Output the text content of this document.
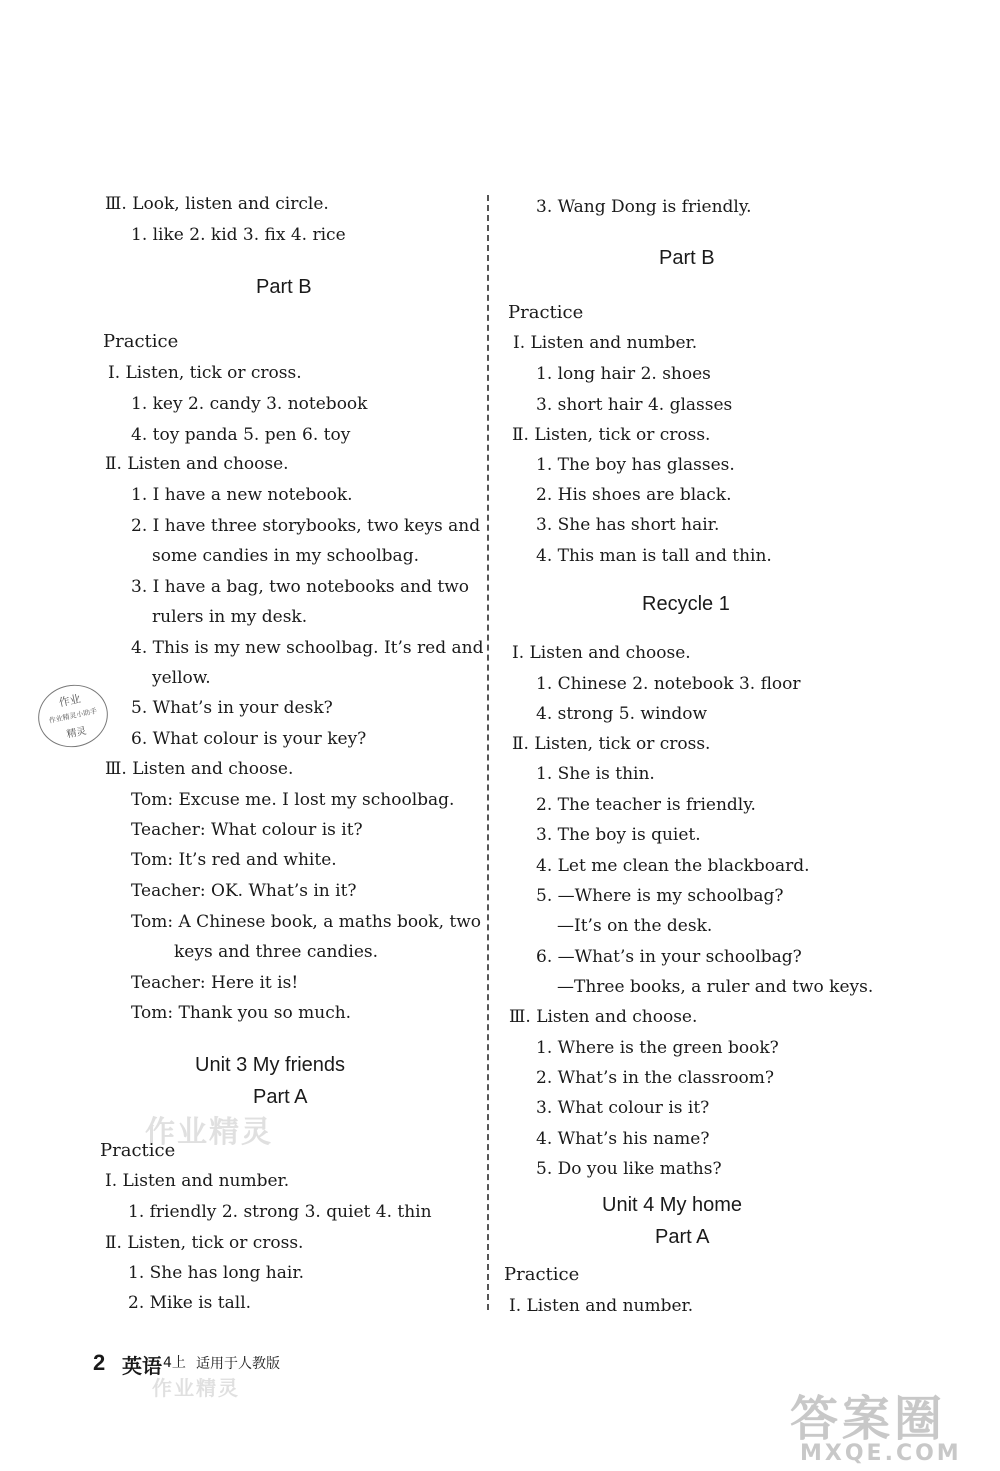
Ⅲ. Look, listen and circle.
1. like 2. kid 3. fix 4. rice
Part B
Practice
Ⅰ. Listen, tick or cross.
1. key 2. candy 3. notebook
4. toy panda 5. pen 6. toy
Ⅱ. Listen and choose.
1. I have a new notebook.
2. I have three storybooks, two keys and
some candies in my schoolbag.
3. I have a bag, two notebooks and two
rulers in my desk.
4. This is my new schoolbag. It’s red and
yellow.
5. What’s in your desk?
6. What colour is your key?
Ⅲ. Listen and choose.
Tom: Excuse me. I lost my schoolbag.
Teacher: What colour is it?
Tom: It’s red and white.
Teacher: OK. What’s in it?
Tom: A Chinese book, a maths book, two
keys and three candies.
Teacher: Here it is!
Tom: Thank you so much.
Unit 3 My friends
Part A
作业精灵
Practice
Ⅰ. Listen and number.
1. friendly 2. strong 3. quiet 4. thin
Ⅱ. Listen, tick or cross.
1. She has long hair.
2. Mike is tall.
3. Wang Dong is friendly.
Part B
Practice
Ⅰ. Listen and number.
1. long hair 2. shoes
3. short hair 4. glasses
Ⅱ. Listen, tick or cross.
1. The boy has glasses.
2. His shoes are black.
3. She has short hair.
4. This man is tall and thin.
Recycle 1
Ⅰ. Listen and choose.
1. Chinese 2. notebook 3. floor
4. strong 5. window
Ⅱ. Listen, tick or cross.
1. She is thin.
2. The teacher is friendly.
3. The boy is quiet.
4. Let me clean the blackboard.
5. —Where is my schoolbag?
—It’s on the desk.
6. —What’s in your schoolbag?
—Three books, a ruler and two keys.
Ⅲ. Listen and choose.
1. Where is the green book?
2. What’s in the classroom?
3. What colour is it?
4. What’s his name?
5. Do you like maths?
Unit 4 My home
Part A
Practice
Ⅰ. Listen and number.
作业
作业精灵小助手
精灵
2 英语 4上 适用于人教版
作业精灵
答案圈
MXQE.COM
